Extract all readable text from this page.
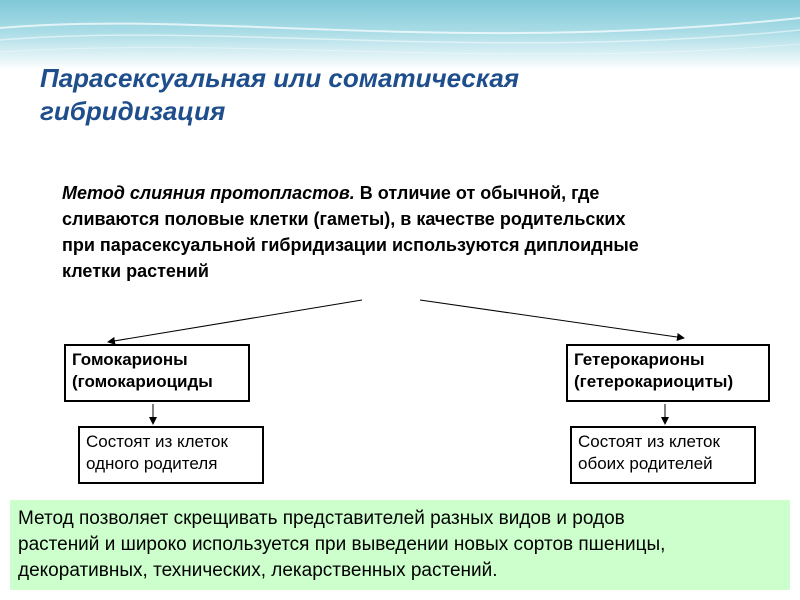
Парасексуальная или соматическая
гибридизация

Метод слияния протопластов. В отличие от обычной, где
сливаются половые клетки (гаметы), в качестве родительских
при парасексуальной гибридизации используются диплоидные
клетки растений

Гомокарионы
(гомокариоциды
Гетерокарионы
(гетерокариоциты)
Состоят из клеток
одного родителя
Состоят из клеток
обоих родителей
Метод позволяет скрещивать представителей разных видов и родов
растений и широко используется при выведении новых сортов пшеницы,
декоративных, технических, лекарственных растений.
